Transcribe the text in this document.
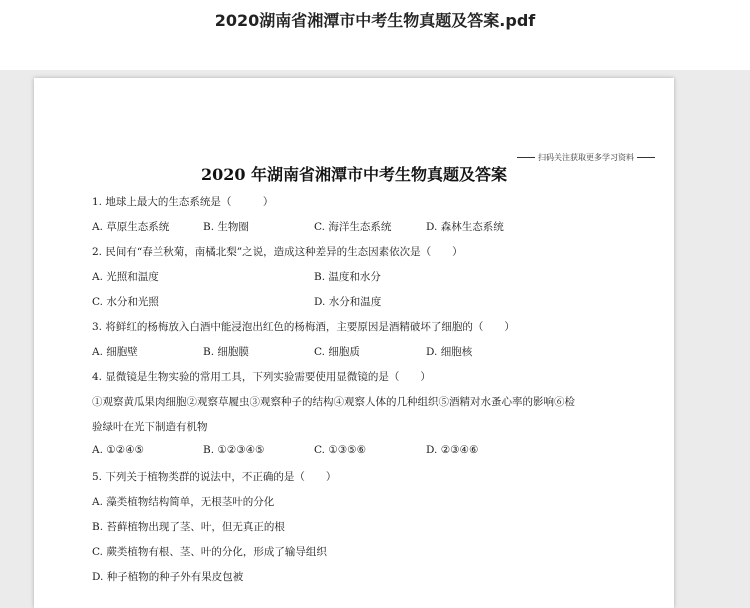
2020湖南省湘潭市中考生物真题及答案.pdf
扫码关注获取更多学习资料
2020 年湖南省湘潭市中考生物真题及答案
1. 地球上最大的生态系统是（　　　）
A. 草原生态系统	B. 生物圈	C. 海洋生态系统	D. 森林生态系统
2. 民间有“春兰秋菊，南橘北梨”之说，造成这种差异的生态因素依次是（　　）
A. 光照和温度	B. 温度和水分
C. 水分和光照	D. 水分和温度
3. 将鲜红的杨梅放入白酒中能浸泡出红色的杨梅酒，主要原因是酒精破坏了细胞的（　　）
A. 细胞壁	B. 细胞膜	C. 细胞质	D. 细胞核
4. 显微镜是生物实验的常用工具，下列实验需要使用显微镜的是（　　）
①观察黄瓜果肉细胞②观察草履虫③观察种子的结构④观察人体的几种组织⑤酒精对水蚤心率的影响⑥检
验绿叶在光下制造有机物
A. ①②④⑤	B. ①②③④⑤	C. ①③⑤⑥	D. ②③④⑥
5. 下列关于植物类群的说法中，不正确的是（　　）
A. 藻类植物结构简单，无根茎叶的分化
B. 苔藓植物出现了茎、叶，但无真正的根
C. 蕨类植物有根、茎、叶的分化，形成了输导组织
D. 种子植物的种子外有果皮包被
